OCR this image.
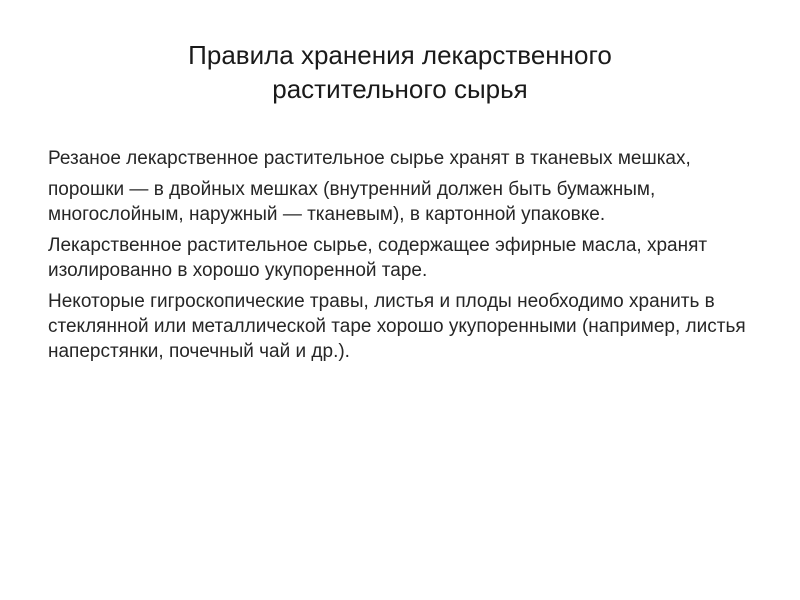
Правила хранения лекарственного
растительного сырья

Резаное лекарственное растительное сырье хранят в тканевых мешках,

порошки — в двойных мешках (внутренний должен быть бумажным, многослойным, наружный — тканевым), в картонной упаковке.

Лекарственное растительное сырье, содержащее эфирные масла, хранят изолированно в хорошо укупоренной таре.

Некоторые гигроскопические травы, листья и плоды необходимо хранить в стеклянной или металлической таре хорошо укупоренными (например, листья наперстянки, почечный чай и др.).
